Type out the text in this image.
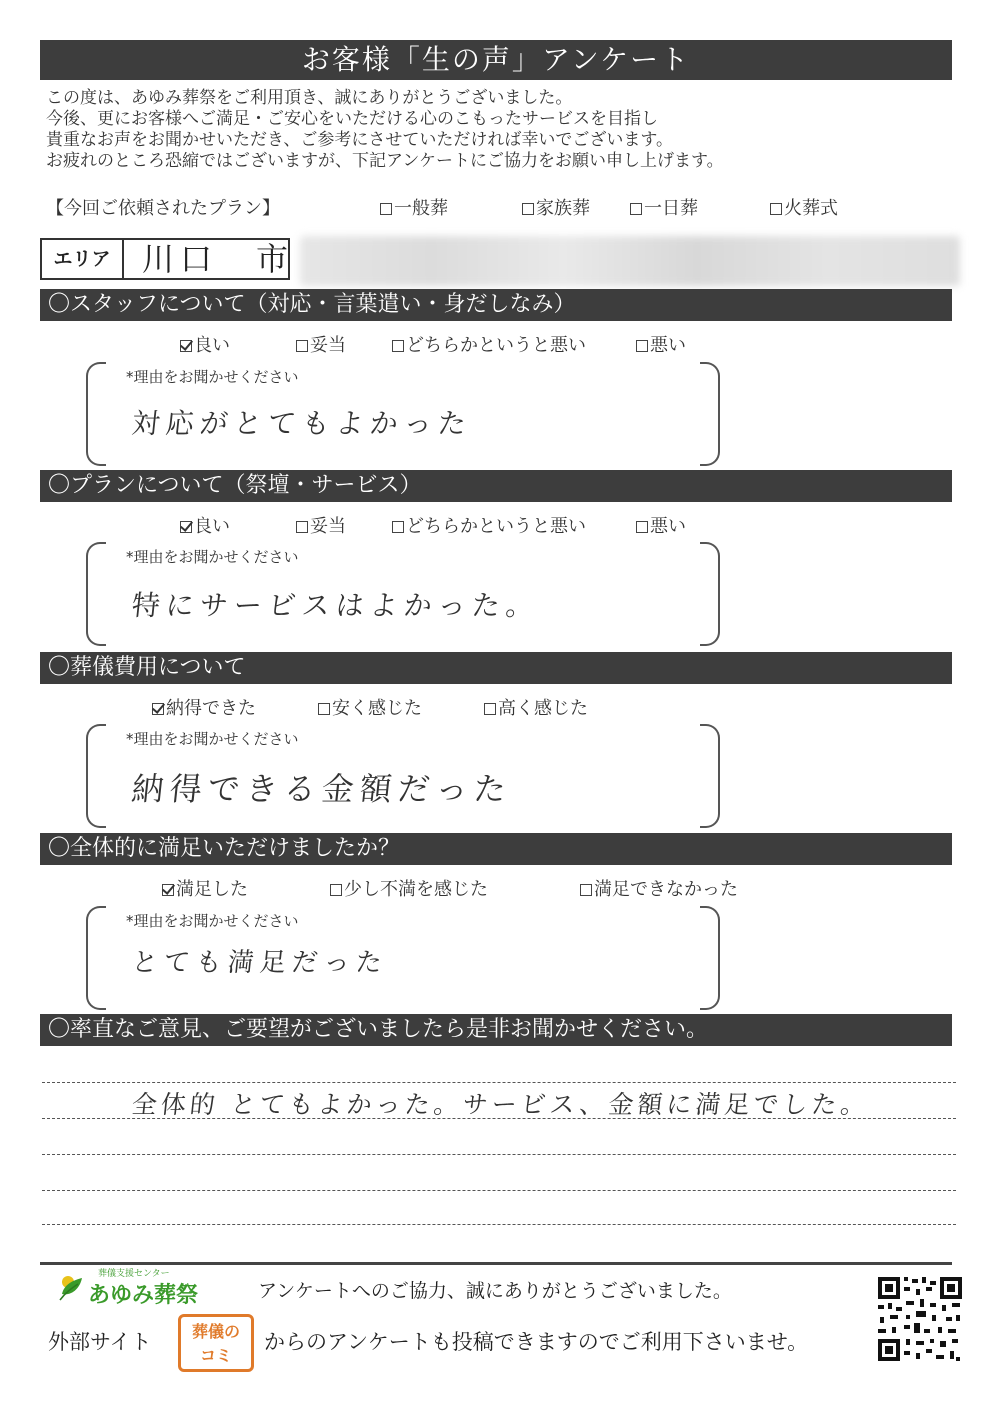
お客様「生の声」アンケート
この度は、あゆみ葬祭をご利用頂き、誠にありがとうございました。
今後、更にお客様へご満足・ご安心をいただける心のこもったサービスを目指し
貴重なお声をお聞かせいただき、ご参考にさせていただければ幸いでございます。
お疲れのところ恐縮ではございますが、下記アンケートにご協力をお願い申し上げます。
【今回ご依頼されたプラン】	一般葬	家族葬	一日葬	火葬式
エリア 川口　市
〇スタッフについて（対応・言葉遣い・身だしなみ）
良い	妥当	どちらかというと悪い	悪い
*理由をお聞かせください
対応がとてもよかった
〇プランについて（祭壇・サービス）
良い	妥当	どちらかというと悪い	悪い
*理由をお聞かせください
特にサービスはよかった。
〇葬儀費用について
納得できた	安く感じた	高く感じた
*理由をお聞かせください
納得できる金額だった
〇全体的に満足いただけましたか？
満足した	少し不満を感じた	満足できなかった
*理由をお聞かせください
とても満足だった
〇率直なご意見、ご要望がございましたら是非お聞かせください。
全体的 とてもよかった。サービス、金額に満足でした。
葬儀支援センター
あゆみ葬祭	アンケートへのご協力、誠にありがとうございました。
外部サイト	葬儀の
コミ
からのアンケートも投稿できますのでご利用下さいませ。
